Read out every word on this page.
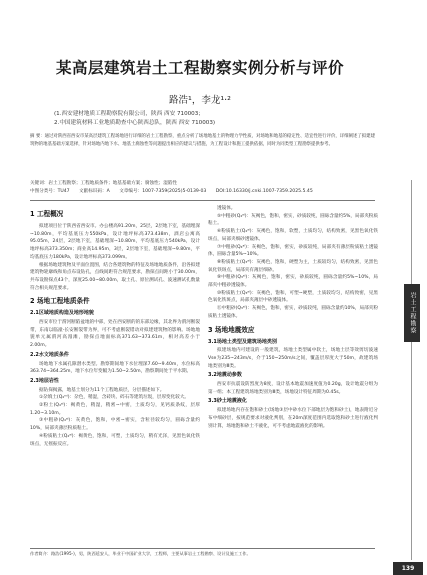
某高层建筑岩土工程勘察实例分析与评价
路浩¹，李龙¹·²
(1.西安建材地质工程勘察院有限公司，陕西 西安 710003；
2.中国建筑材料工业地质勘查中心陕西总队，陕西 西安 710003)
摘 要：通过对陕西省西安市某高层建筑工程场地进行详细的岩土工程勘察，重点分析了场地地基土的物理力学性质，对场地和地基的稳定性、适宜性进行评价，详细阐述了拟建建筑物的地基基础方案选择，针对场地内地下水、地基土腐蚀性等问题提出相应的建议与措施，为工程设计和施工提供依据，同时为同类型工程勘察提供参考。
关键词：岩土工程勘察；工程地质条件；地基基础方案；腐蚀性；湿陷性
中图分类号：TU47 文献标识码：A 文章编号：1007-7359(2025)5-0139-03 DOI:10.16330/j.cnki.1007-7359.2025.5.45
1 工程概况
拟建项目位于陕西省西安市。办公楼高91.20m，25层，2层地下室，基础埋深~10.80m，平均基底压力550kPa，设计地坪标高373.438m，酒店公寓高95.05m，24层，2层地下室，基础埋深~10.80m，平均基底压力540kPa，设计地坪标高373.350m；商业高14.95m，3层，2层地下室，基础埋深~9.80m，平均基底压力180kPa，设计地坪标高373.099m。
根据场地建筑物及平面位置图，结合各建筑物的特征及场地地质条件，沿各拟建建筑物轮廓线和角点布设钻孔，点线间距符合规范要求，勘探点间距小于30.00m，共布设勘探点43个，深度25.00~80.00m，取土孔、原位测试孔、波速测试孔数量符合相关规范要求。
2 场地工程地质条件
2.1区域地质构造及地形地貌
西安市位于渭河断陷盆地的中部，处在西安断的的东部边缘，其北界为渭河断裂带，东南以临潼-长安断裂带为界，可不考虑断裂错动对拟建建筑物的影响。场地地貌单元属渭河高漫滩，勘探点地面标高371.63~373.61m，相对高差小于2.00m。
2.2水文地质条件
场地地下水属孔隙潜水类型。勘察期间地下水位埋深7.60~9.40m，水位标高363.74~364.25m，地下水位年变幅为1.50~2.50m，勘察期间处于平水期。
2.3地层岩性
据钻探揭露，地基土划分为11个工程地质层，分层描述如下。
①杂填土(Q₄ᵐˡ)：杂色，稍湿，含砖块、碎石等建筑垃圾，层厚变化较大。
②粉土(Q₄ᵃˡ)：褐黄色，稍湿，稍密~中密，土质均匀，见钙质条纹，层厚1.20~3.10m。
③中粗砂(Q₄ᵃˡ)：灰黄色，饱和，中密~密实，含粒径较均匀，圆砾含量约10%，局部夹薄层粉质粘土。
④粉质粘土(Q₄ᵃˡ)：褐黄色，饱和，可塑，土质均匀，稍有光泽，见黑色氧化铁斑点，无摇振反应。
透镜体。
⑤中粗砂(Q₄ᵃˡ)：灰褐色，饱和，密实，砂质较纯，圆砾含量约5%，局部夹粉质粘土。
⑥粉质粘土(Q₄ᵃˡ)：灰褐色，饱和，软塑，土质均匀，结构致密，见黑色氧化铁斑点，局部夹细砂透镜体。
⑦中粗砂(Q₄ᵃˡ)：灰褐色，饱和，密实，砂质较纯，局部夹有薄层粉质粘土透镜体，圆砾含量5%~10%。
⑧粉质粘土(Q₃ᵃˡ)：灰褐色，饱和，硬塑为主，土质较均匀，结构致密，见黑色氧化铁斑点，局部夹有薄层细砂。
⑨中粗砂(Q₃ᵃˡ)：灰褐色，饱和，密实，砂质较纯，圆砾含量约5%~10%，局部夹中粗砂透镜体。
⑩粉质粘土(Q₃ᵃˡ)：灰褐色，饱和，可塑~硬塑，土质较均匀，结构致密，见黑色氧化铁斑点，局部夹薄层中砂透镜体。
⑪中粗砂(Q₃ᵃˡ)：灰褐色，饱和，密实，砂质较纯，圆砾含量约10%，局部夹粉质粘土透镜体。
3 场地地震效应
3.1场地土类型及建筑场地类别
拟建场地内可建设的一般建筑，场地土类型属中软土，场地土层等效剪切波速Vse为235~243m/s，介于150~250m/s之间，覆盖层厚度大于50m，故建筑场地类别为Ⅲ类。
3.2地震动参数
西安市抗震设防烈度为8度，设计基本地震加速度值为0.20g，设计地震分组为第一组；本工程建筑场地类别为Ⅲ类，场地设计特征周期为0.45s。
3.3砂土地震液化
拟建场地内存在饱和砂土(场地③层中砂水位下部地层为饱和砂土)，地表附近分布中细砂层，按规范要求对液化判别，在20m深度范围内选取饱和砂土进行液化判别计算，场地饱和砂土不液化，可不考虑地震液化的影响。
岩土工程勘察
作者简介：路浩(1995-)，男，陕西延安人，毕业于中国矿业大学，工程师，主要从事岩土工程勘察、设计及施工工作。
139
